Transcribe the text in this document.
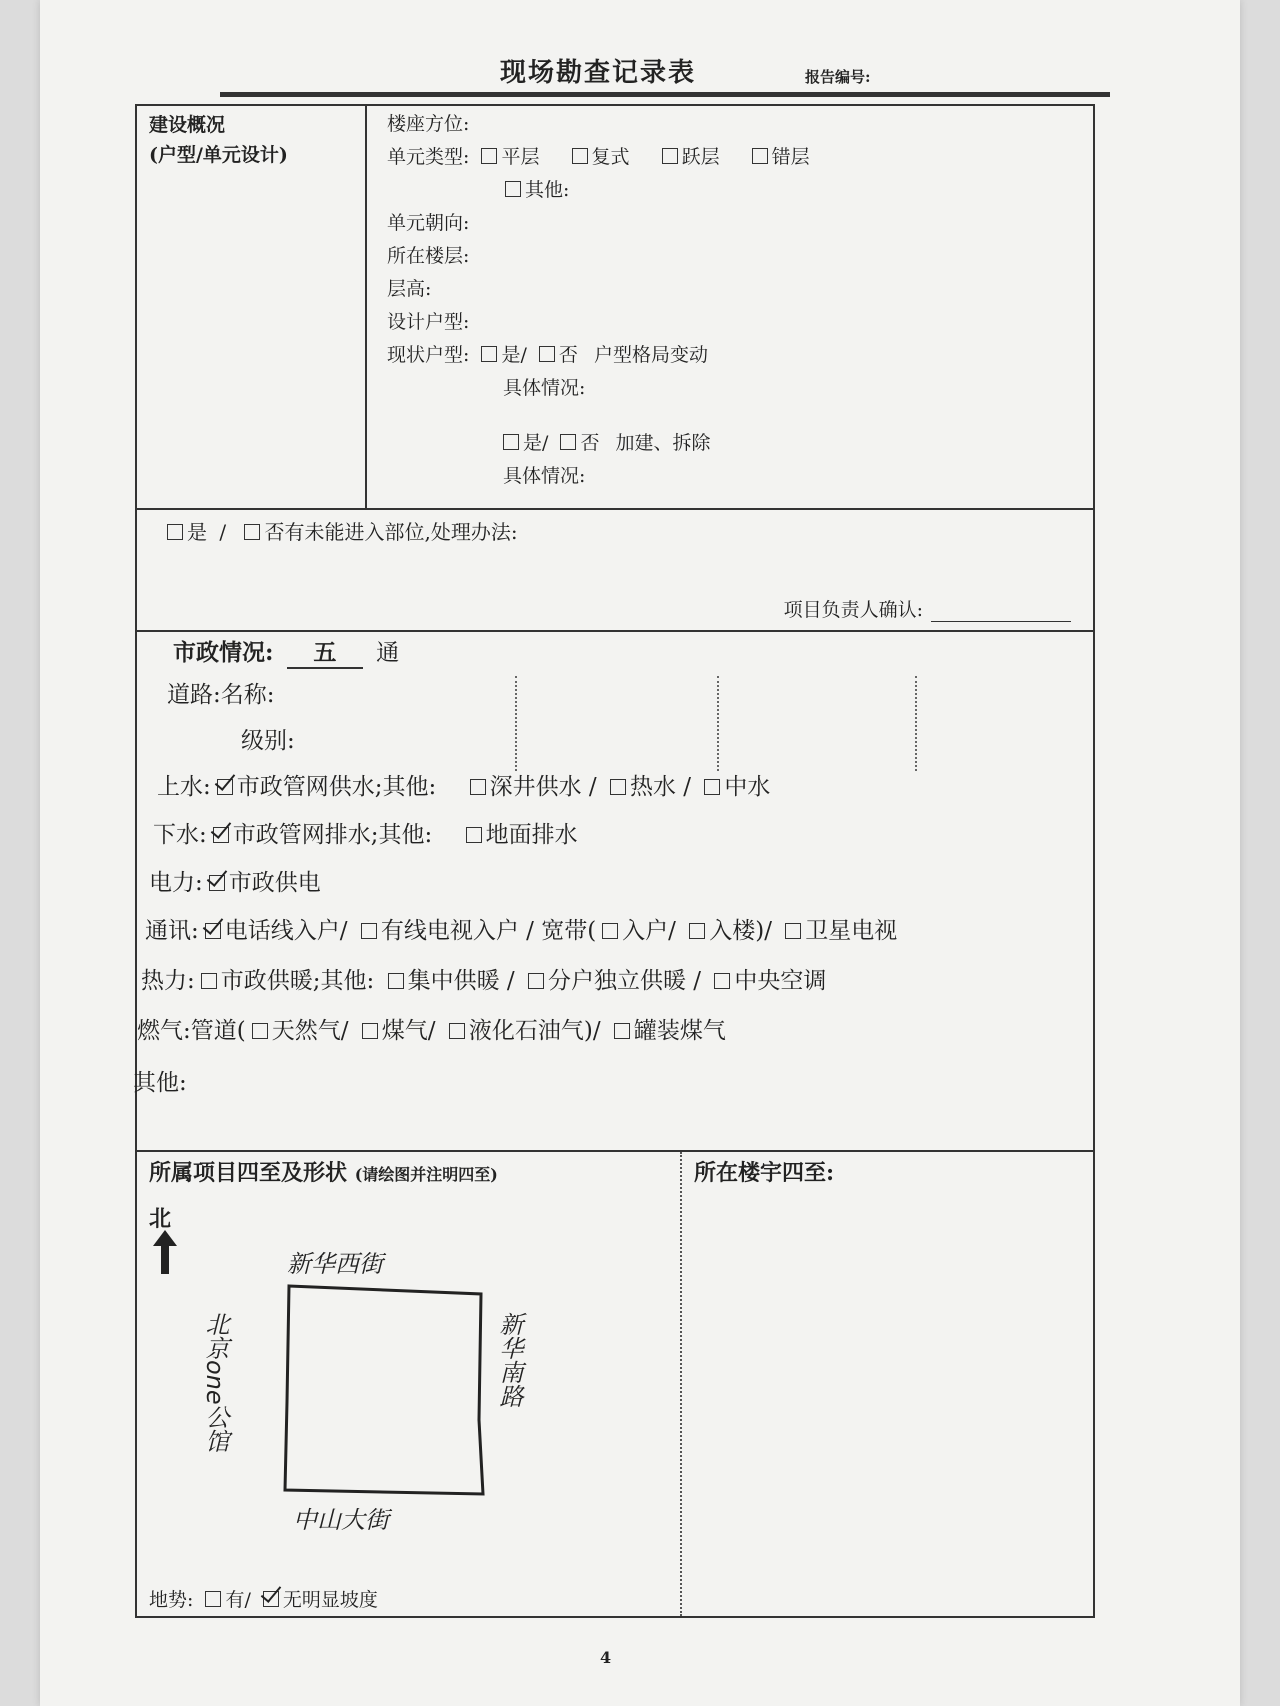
现场勘查记录表	报告编号:
建设概况
(户型/单元设计)
楼座方位:
单元类型: 平层	复式	跃层	错层
其他:
单元朝向:
所在楼层:
层高:
设计户型:
现状户型: 是/ 否 户型格局变动
具体情况:
是/ 否 加建、拆除
具体情况:
是 / 否有未能进入部位,处理办法:
项目负责人确认:
市政情况: 五 通
道路:名称:
级别:
上水: 市政管网供水;其他: 深井供水 / 热水 / 中水
下水: 市政管网排水;其他: 地面排水
电力: 市政供电
通讯: 电话线入户/ 有线电视入户 / 宽带( 入户/ 入楼)/ 卫星电视
热力: 市政供暖;其他: 集中供暖 / 分户独立供暖 / 中央空调
燃气:管道( 天然气/ 煤气/ 液化石油气)/ 罐装煤气
其他:
所属项目四至及形状 (请绘图并注明四至)
北
新华西街
北京one公馆	新华南路
中山大街
地势: 有/ 无明显坡度
所在楼宇四至:
4
